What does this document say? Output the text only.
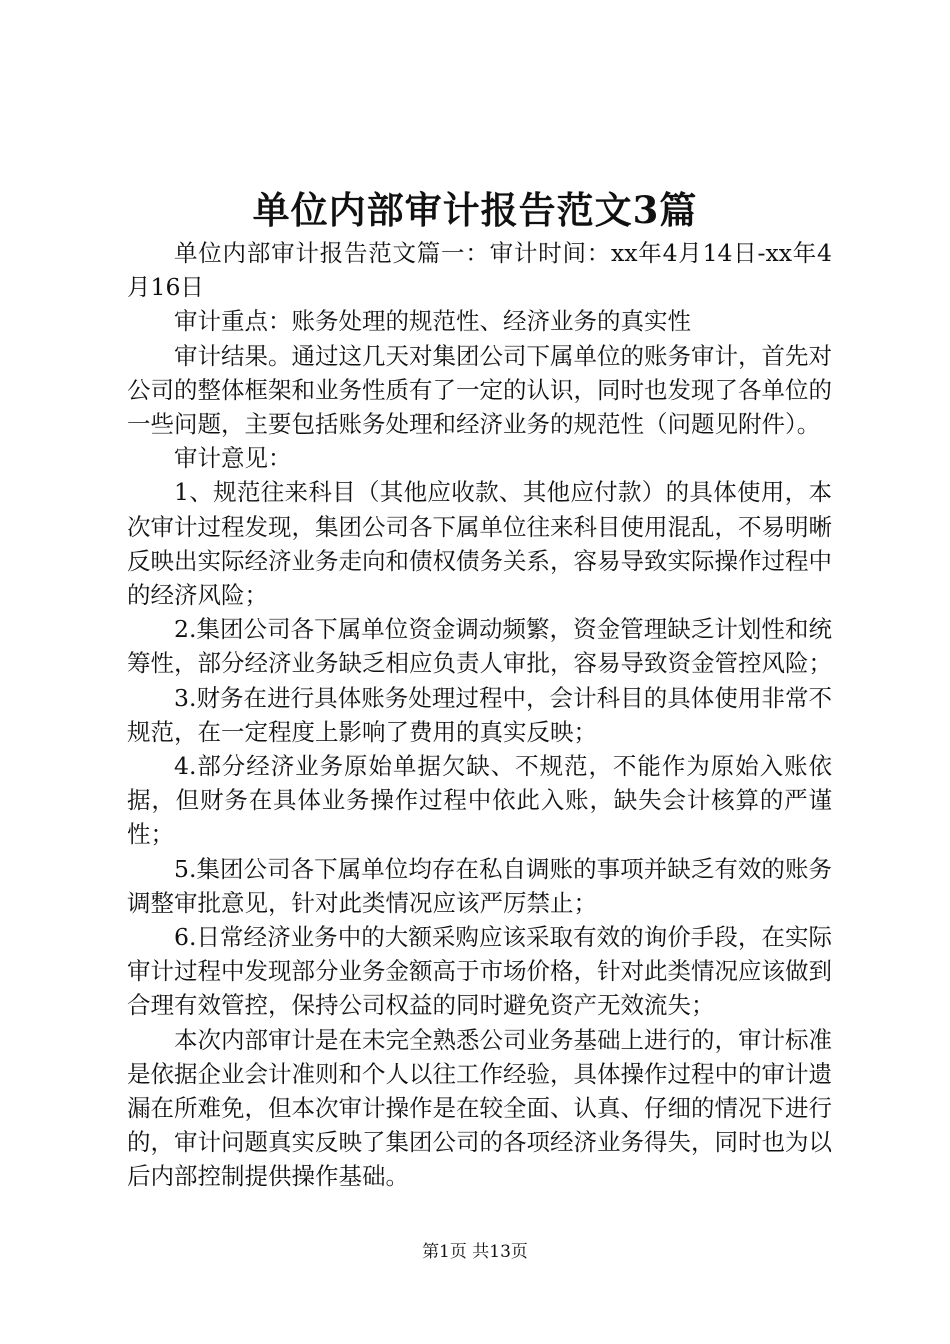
单位内部审计报告范文3篇

单位内部审计报告范文篇一：审计时间：xx年4月14日-xx年4月16日

审计重点：账务处理的规范性、经济业务的真实性

审计结果。通过这几天对集团公司下属单位的账务审计，首先对公司的整体框架和业务性质有了一定的认识，同时也发现了各单位的一些问题，主要包括账务处理和经济业务的规范性（问题见附件）。

审计意见：

1、规范往来科目（其他应收款、其他应付款）的具体使用，本次审计过程发现，集团公司各下属单位往来科目使用混乱，不易明晰反映出实际经济业务走向和债权债务关系，容易导致实际操作过程中的经济风险；

2.集团公司各下属单位资金调动频繁，资金管理缺乏计划性和统筹性，部分经济业务缺乏相应负责人审批，容易导致资金管控风险；

3.财务在进行具体账务处理过程中，会计科目的具体使用非常不规范，在一定程度上影响了费用的真实反映；

4.部分经济业务原始单据欠缺、不规范，不能作为原始入账依据，但财务在具体业务操作过程中依此入账，缺失会计核算的严谨性；

5.集团公司各下属单位均存在私自调账的事项并缺乏有效的账务调整审批意见，针对此类情况应该严厉禁止；

6.日常经济业务中的大额采购应该采取有效的询价手段，在实际审计过程中发现部分业务金额高于市场价格，针对此类情况应该做到合理有效管控，保持公司权益的同时避免资产无效流失；

本次内部审计是在未完全熟悉公司业务基础上进行的，审计标准是依据企业会计准则和个人以往工作经验，具体操作过程中的审计遗漏在所难免，但本次审计操作是在较全面、认真、仔细的情况下进行的，审计问题真实反映了集团公司的各项经济业务得失，同时也为以后内部控制提供操作基础。

第1页 共13页
